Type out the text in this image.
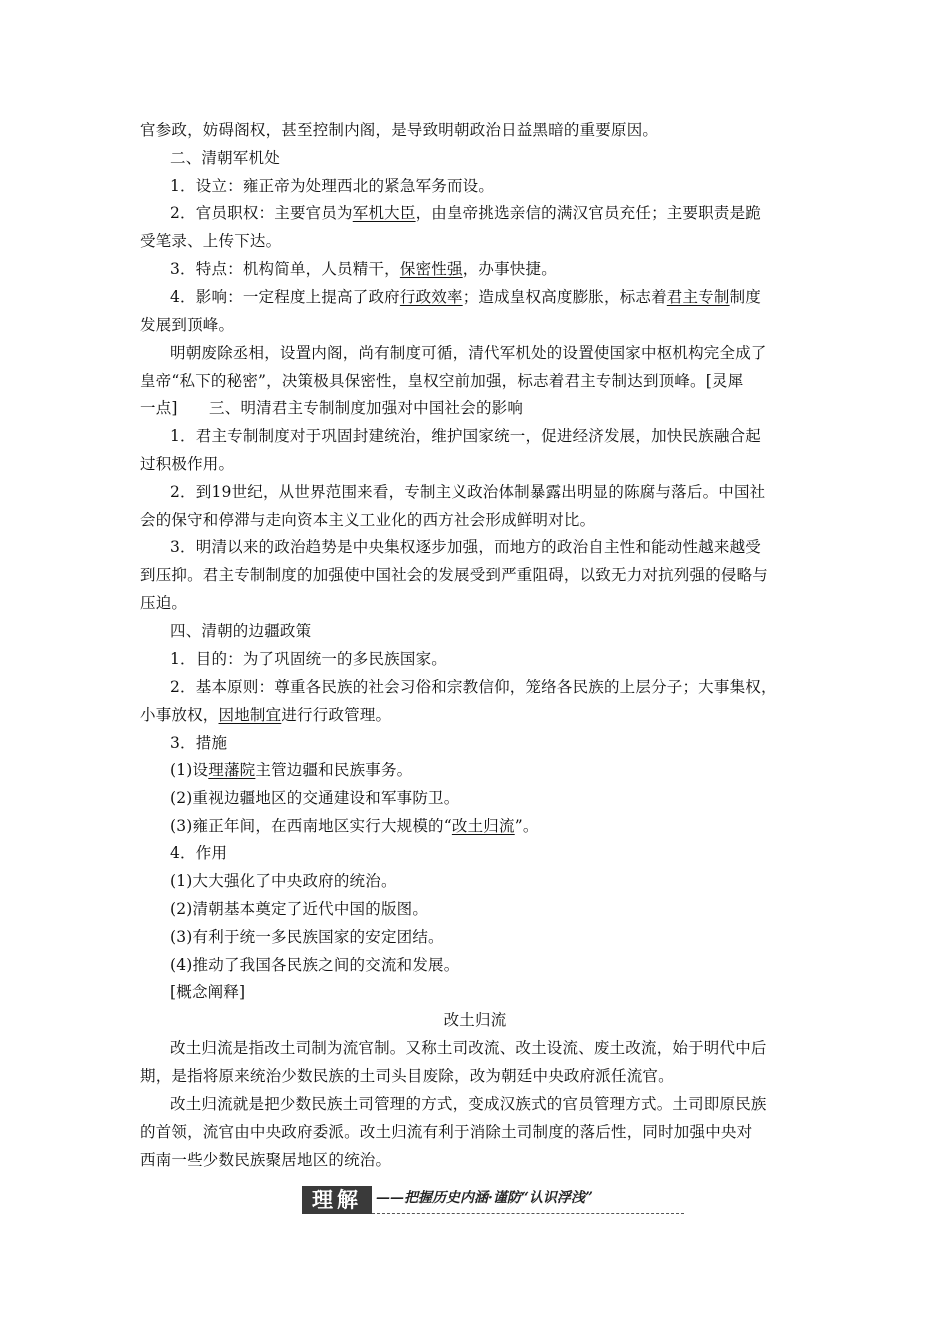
官参政，妨碍阁权，甚至控制内阁，是导致明朝政治日益黑暗的重要原因。
二、清朝军机处
1．设立：雍正帝为处理西北的紧急军务而设。
2．官员职权：主要官员为军机大臣，由皇帝挑选亲信的满汉官员充任；主要职责是跪
受笔录、上传下达。
3．特点：机构简单，人员精干，保密性强，办事快捷。
4．影响：一定程度上提高了政府行政效率；造成皇权高度膨胀，标志着君主专制制度
发展到顶峰。
明朝废除丞相，设置内阁，尚有制度可循，清代军机处的设置使国家中枢机构完全成了
皇帝“私下的秘密”，决策极具保密性，皇权空前加强，标志着君主专制达到顶峰。[灵犀
一点]　　三、明清君主专制制度加强对中国社会的影响
1．君主专制制度对于巩固封建统治，维护国家统一，促进经济发展，加快民族融合起
过积极作用。
2．到19世纪，从世界范围来看，专制主义政治体制暴露出明显的陈腐与落后。中国社
会的保守和停滞与走向资本主义工业化的西方社会形成鲜明对比。
3．明清以来的政治趋势是中央集权逐步加强，而地方的政治自主性和能动性越来越受
到压抑。君主专制制度的加强使中国社会的发展受到严重阻碍，以致无力对抗列强的侵略与
压迫。
四、清朝的边疆政策
1．目的：为了巩固统一的多民族国家。
2．基本原则：尊重各民族的社会习俗和宗教信仰，笼络各民族的上层分子；大事集权，
小事放权，因地制宜进行行政管理。
3．措施
(1)设理藩院主管边疆和民族事务。
(2)重视边疆地区的交通建设和军事防卫。
(3)雍正年间，在西南地区实行大规模的“改土归流”。
4．作用
(1)大大强化了中央政府的统治。
(2)清朝基本奠定了近代中国的版图。
(3)有利于统一多民族国家的安定团结。
(4)推动了我国各民族之间的交流和发展。
[概念阐释]
改土归流
改土归流是指改土司制为流官制。又称土司改流、改土设流、废土改流，始于明代中后
期，是指将原来统治少数民族的土司头目废除，改为朝廷中央政府派任流官。
改土归流就是把少数民族土司管理的方式，变成汉族式的官员管理方式。土司即原民族
的首领，流官由中央政府委派。改土归流有利于消除土司制度的落后性，同时加强中央对
西南一些少数民族聚居地区的统治。
理解	——把握历史内涵·谨防“认识浮浅”
